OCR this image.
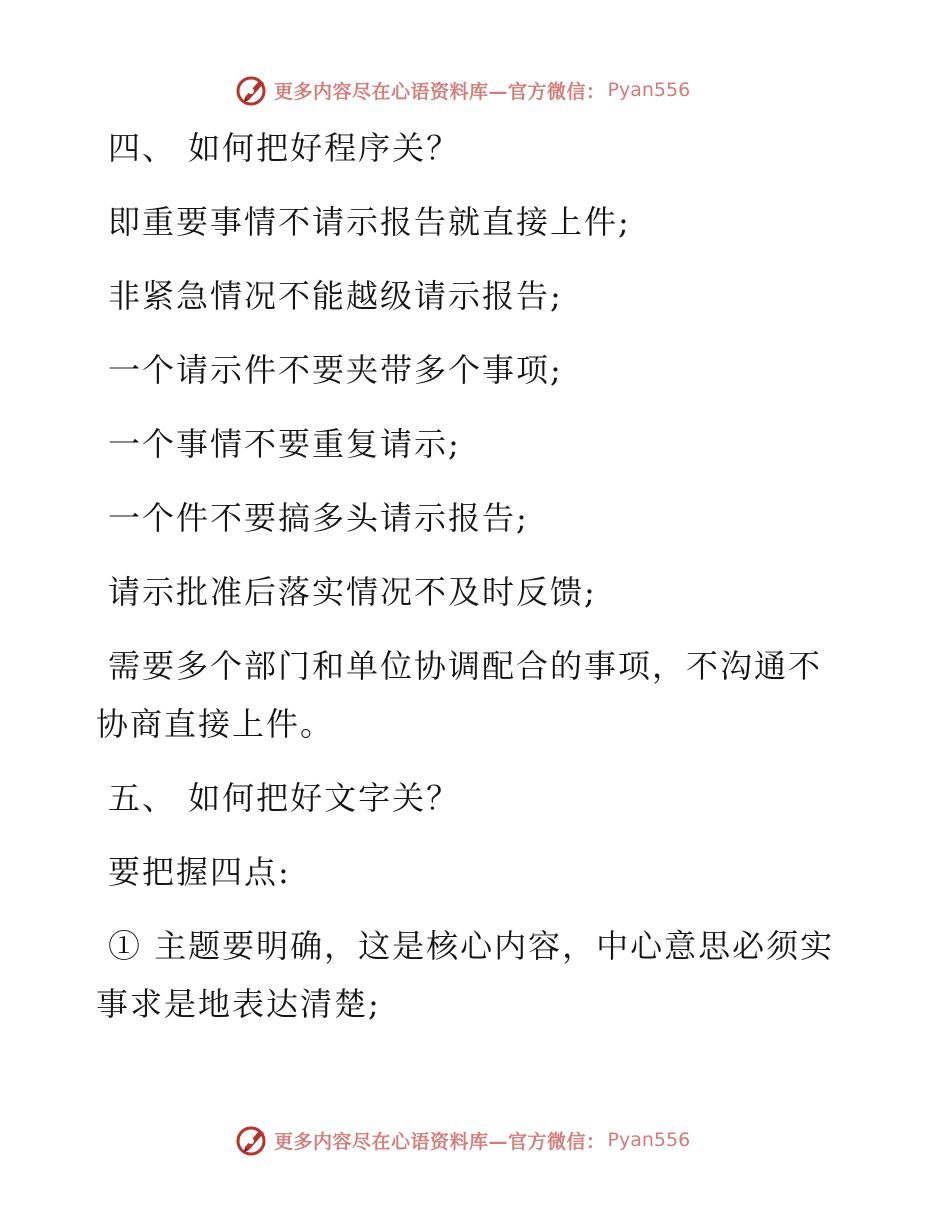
更多内容尽在心语资料库—官方微信： Pyan556
四、 如何把好程序关？
即重要事情不请示报告就直接上件;
非紧急情况不能越级请示报告;
一个请示件不要夹带多个事项;
一个事情不要重复请示;
一个件不要搞多头请示报告;
请示批准后落实情况不及时反馈;
需要多个部门和单位协调配合的事项，不沟通不
协商直接上件。
五、 如何把好文字关？
要把握四点:
① 主题要明确，这是核心内容，中心意思必须实
事求是地表达清楚;
更多内容尽在心语资料库—官方微信： Pyan556
